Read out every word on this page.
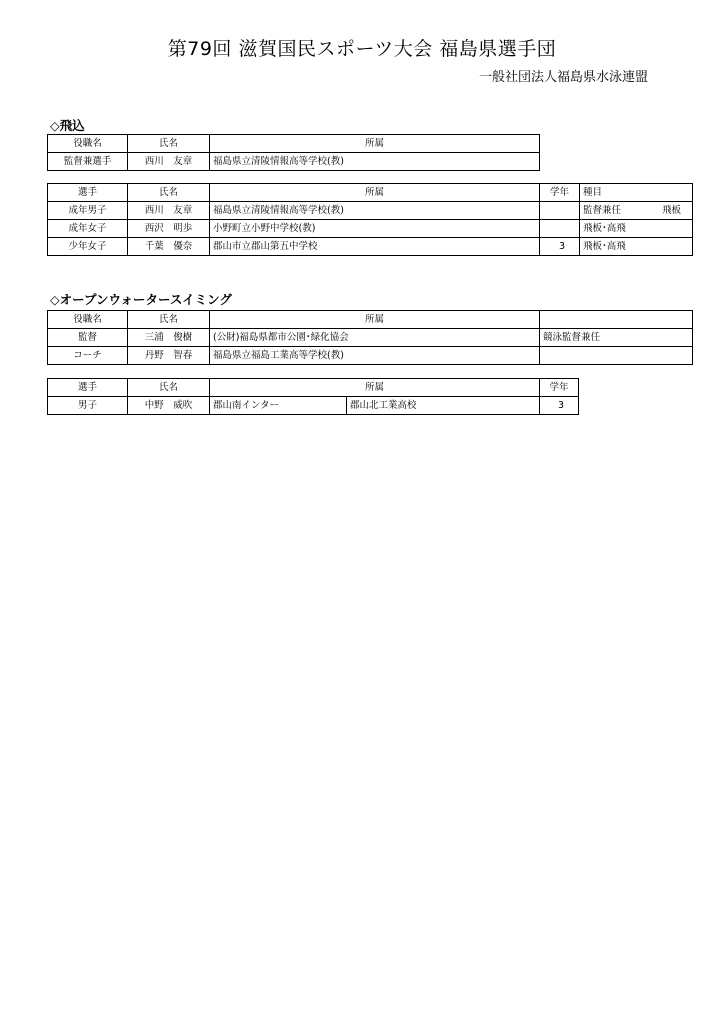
第79回 滋賀国民スポーツ大会 福島県選手団
一般社団法人福島県水泳連盟
◇飛込
役職名	氏名	所属
監督兼選手	西川　友章	福島県立清陵情報高等学校(教)
選手	氏名	所属	学年	種目
成年男子	西川　友章	福島県立清陵情報高等学校(教)		監督兼任 飛板

成年女子	西沢　明歩	小野町立小野中学校(教)		飛板･高飛
少年女子	千葉　優奈	郡山市立郡山第五中学校	3	飛板･高飛
◇オープンウォータースイミング
役職名	氏名	所属	
監督	三浦　俊樹	(公財)福島県都市公園･緑化協会	競泳監督兼任
コーチ	丹野　智春	福島県立福島工業高等学校(教)	
選手	氏名	所属		学年
男子	中野　威吹	郡山南インター	郡山北工業高校	3
